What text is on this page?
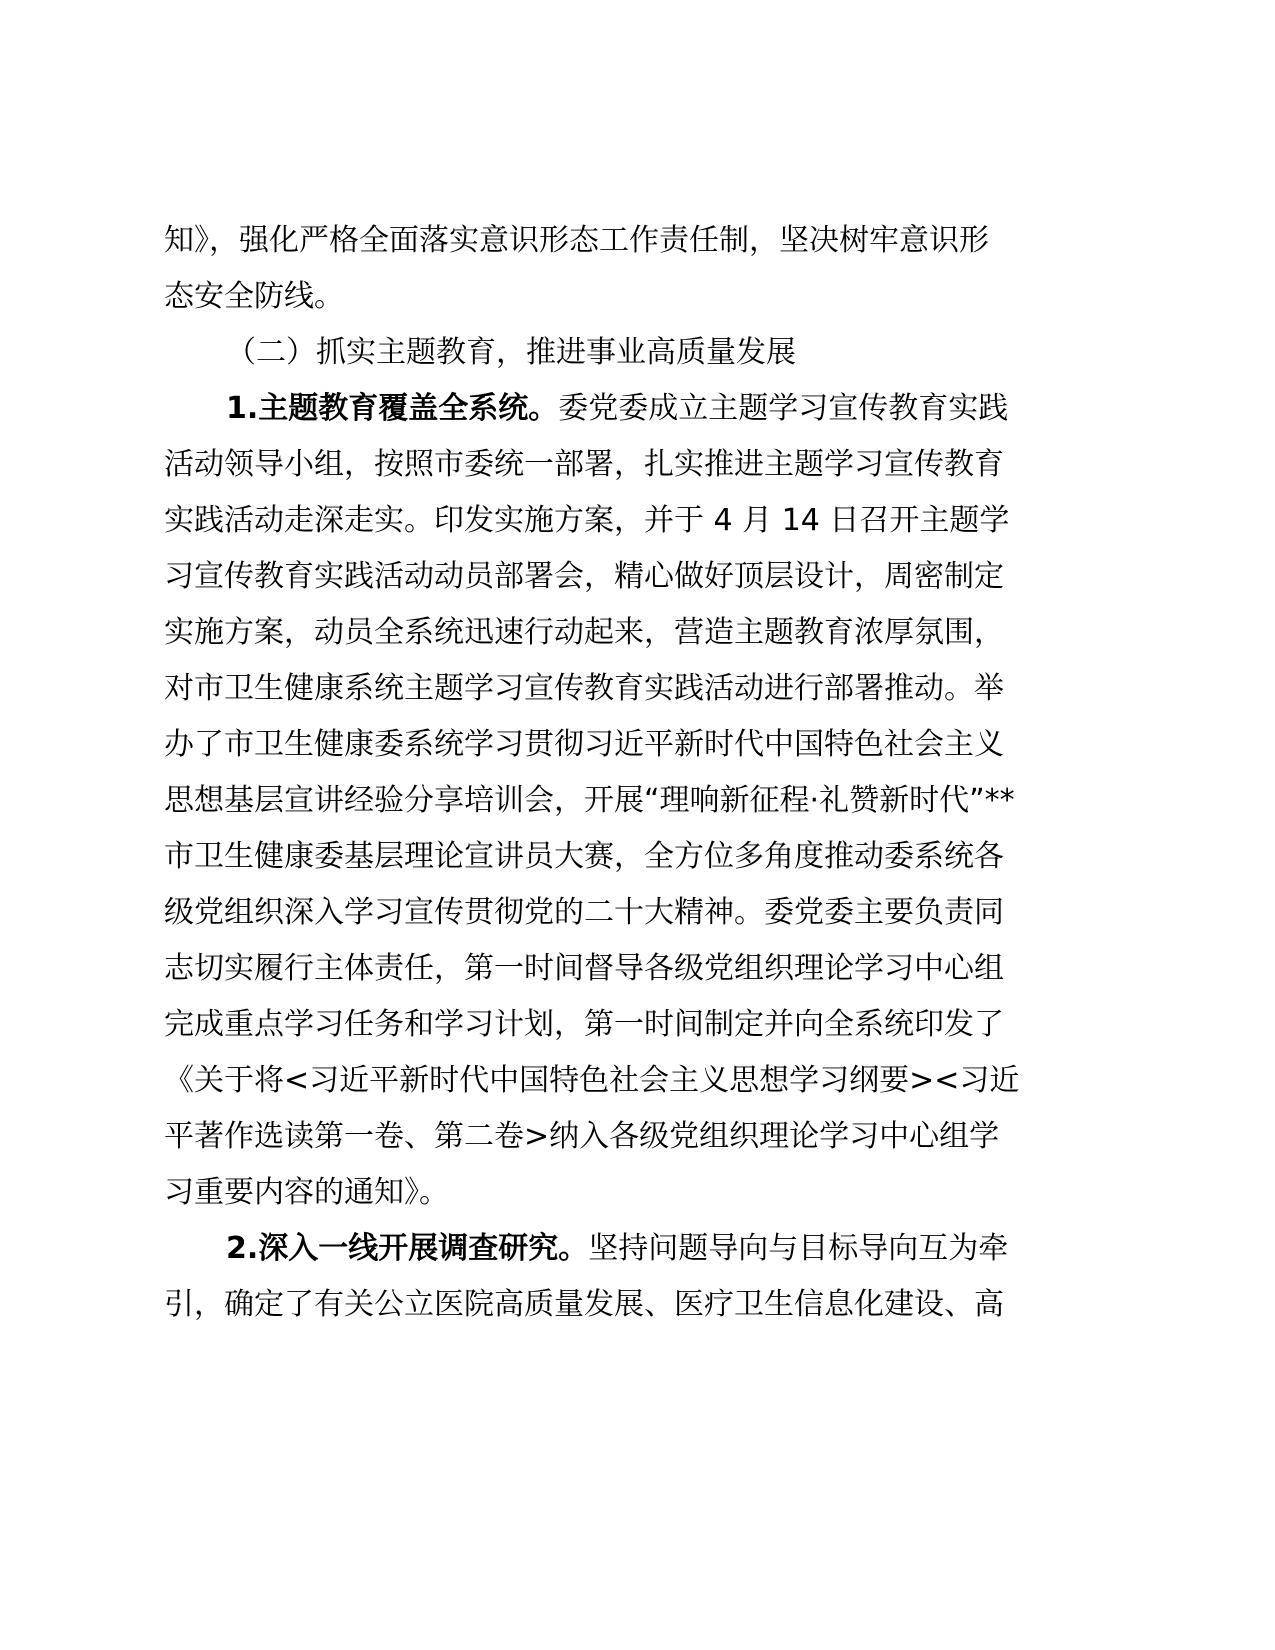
知》，强化严格全面落实意识形态工作责任制，坚决树牢意识形
态安全防线。
（二）抓实主题教育，推进事业高质量发展
1.主题教育覆盖全系统。委党委成立主题学习宣传教育实践
活动领导小组，按照市委统一部署，扎实推进主题学习宣传教育
实践活动走深走实。印发实施方案，并于 4 月 14 日召开主题学
习宣传教育实践活动动员部署会，精心做好顶层设计，周密制定
实施方案，动员全系统迅速行动起来，营造主题教育浓厚氛围，
对市卫生健康系统主题学习宣传教育实践活动进行部署推动。举
办了市卫生健康委系统学习贯彻习近平新时代中国特色社会主义
思想基层宣讲经验分享培训会，开展“理响新征程·礼赞新时代”**
市卫生健康委基层理论宣讲员大赛，全方位多角度推动委系统各
级党组织深入学习宣传贯彻党的二十大精神。委党委主要负责同
志切实履行主体责任，第一时间督导各级党组织理论学习中心组
完成重点学习任务和学习计划，第一时间制定并向全系统印发了
《关于将<习近平新时代中国特色社会主义思想学习纲要><习近
平著作选读第一卷、第二卷>纳入各级党组织理论学习中心组学
习重要内容的通知》。
2.深入一线开展调查研究。坚持问题导向与目标导向互为牵
引，确定了有关公立医院高质量发展、医疗卫生信息化建设、高
